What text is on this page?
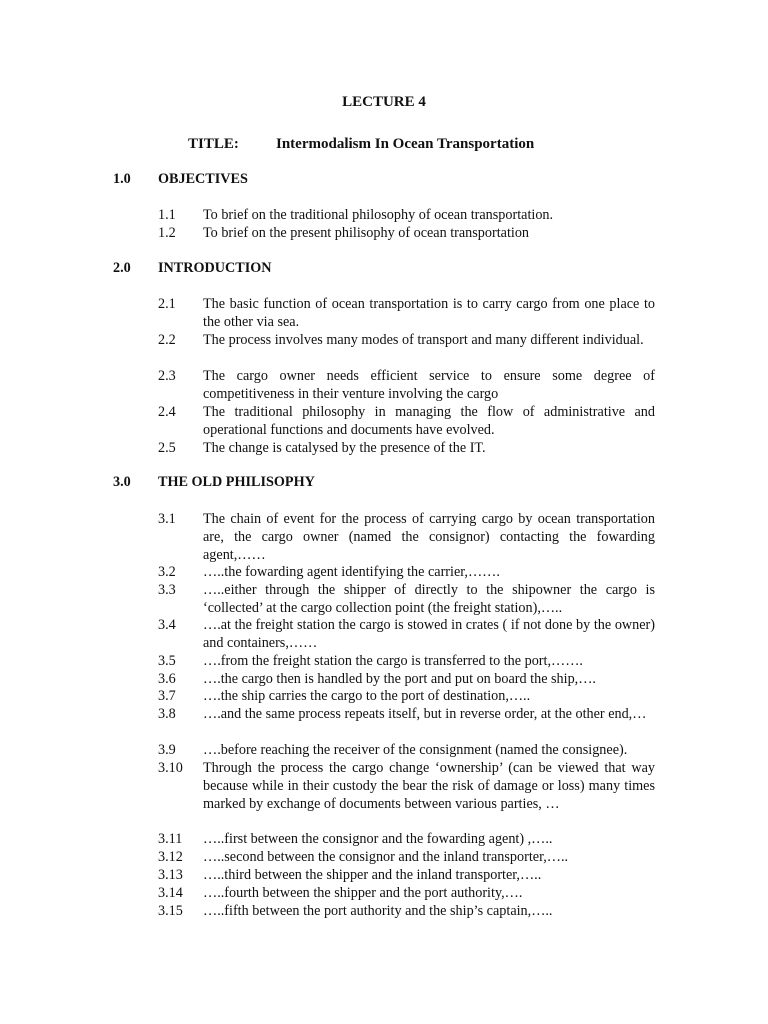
LECTURE 4
TITLE: Intermodalism In Ocean Transportation
1.0 OBJECTIVES
1.1 To brief on the traditional philosophy of ocean transportation.
1.2 To brief on the present philisophy of ocean transportation
2.0 INTRODUCTION
2.1 The basic function of ocean transportation is to carry cargo from one place to the other via sea.
2.2 The process involves many modes of transport and many different individual.
2.3 The cargo owner needs efficient service to ensure some degree of competitiveness in their venture involving the cargo
2.4 The traditional philosophy in managing the flow of administrative and operational functions and documents have evolved.
2.5 The change is catalysed by the presence of the IT.
3.0 THE OLD PHILISOPHY
3.1 The chain of event for the process of carrying cargo by ocean transportation are, the cargo owner (named the consignor) contacting the fowarding agent,……
3.2 …..the fowarding agent identifying the carrier,…….
3.3 …..either through the shipper of directly to the shipowner the cargo is ‘collected’ at the cargo collection point (the freight station),…..
3.4 ….at the freight station the cargo is stowed in crates ( if not done by the owner) and containers,……
3.5 ….from the freight station the cargo is transferred to the port,…….
3.6 ….the cargo then is handled by the port and put on board the ship,….
3.7 ….the ship carries the cargo to the port of destination,…..
3.8 ….and the same process repeats itself, but in reverse order, at the other end,…
3.9 ….before reaching the receiver of the consignment (named the consignee).
3.10 Through the process the cargo change ‘ownership’ (can be viewed that way because while in their custody the bear the risk of damage or loss) many times marked by exchange of documents between various parties, …
3.11 …..first between the consignor and the fowarding agent) ,…..
3.12 …..second between the consignor and the inland transporter,…..
3.13 …..third between the shipper and the inland transporter,…..
3.14 …..fourth between the shipper and the port authority,….
3.15 …..fifth between the port authority and the ship’s captain,…..
